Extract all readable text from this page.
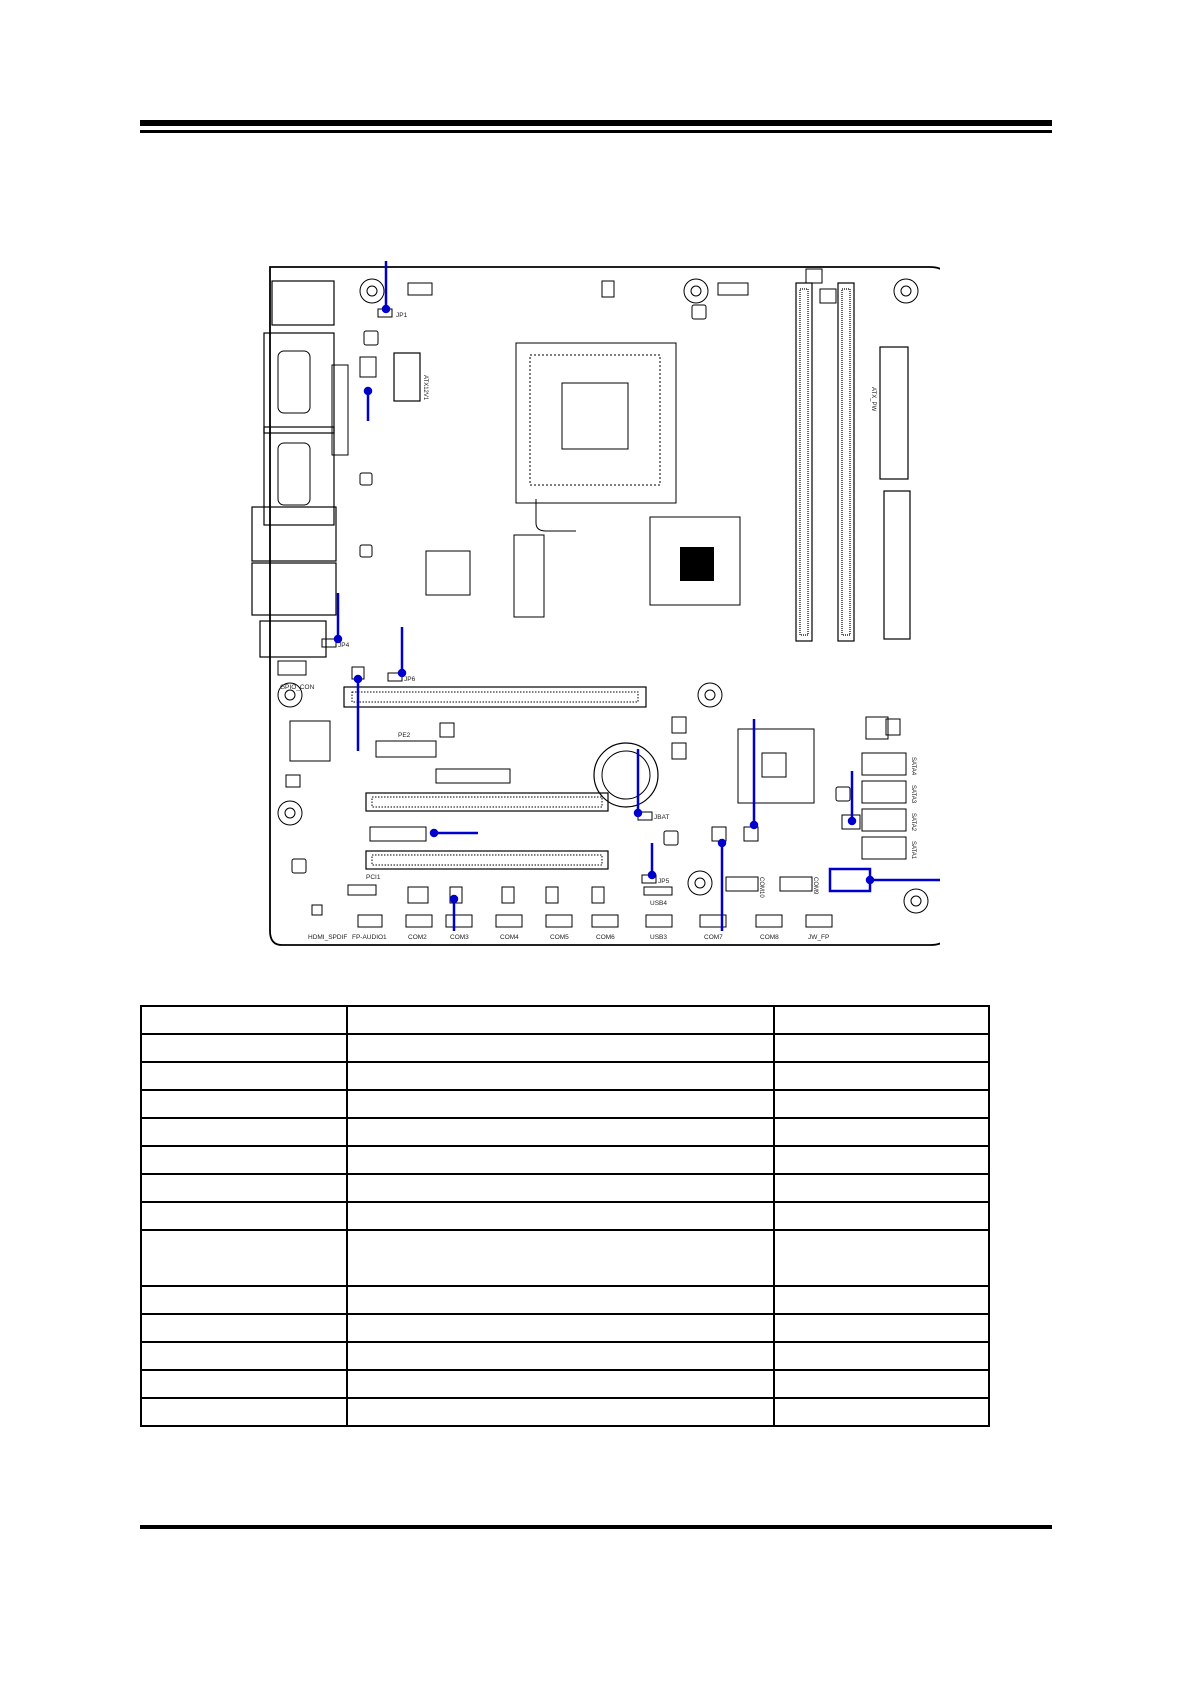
JP1
ATX12V1	ATX_PW
JP4
JP6
GPIO_CON
PE2
JBAT
PCI1
JP5
USB4
SATA4
SATA3
SATA2
SATA1
COM10	COM9
HDMI_SPDIF FP-AUDIO1	COM2	COM3	COM4	COM5	COM6	USB3	COM7	COM8	JW_FP
